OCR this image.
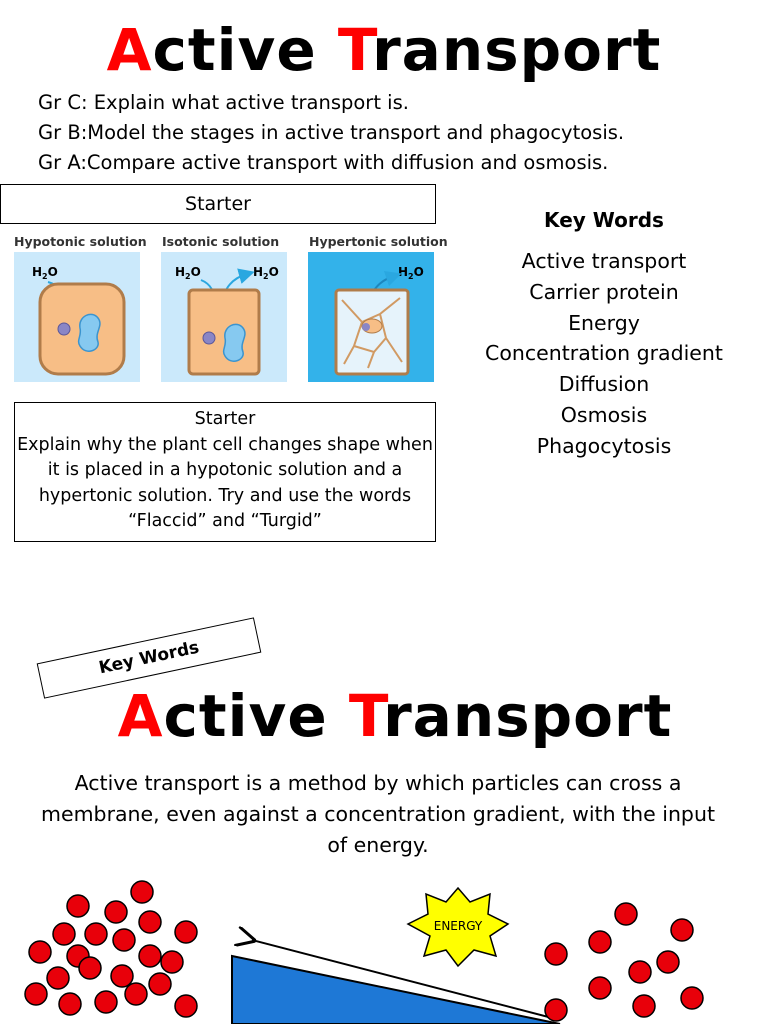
Active Transport
Gr C: Explain what active transport is.
Gr B:Model the stages in active transport and phagocytosis.
Gr A:Compare active transport with diffusion and osmosis.
Starter
Hypotonic solution Isotonic solution Hypertonic solution
$H_2O$	$H_2O$	$H_2O$	$H_2O$
Starter
Explain why the plant cell changes shape when it is placed in a hypotonic solution and a hypertonic solution. Try and use the words “Flaccid” and “Turgid”
Key Words
Active transport
Carrier protein
Energy
Concentration gradient
Diffusion
Osmosis
Phagocytosis
Key Words
Active Transport
Active transport is a method by which particles can cross a membrane, even against a concentration gradient, with the input of energy.
ENERGY
